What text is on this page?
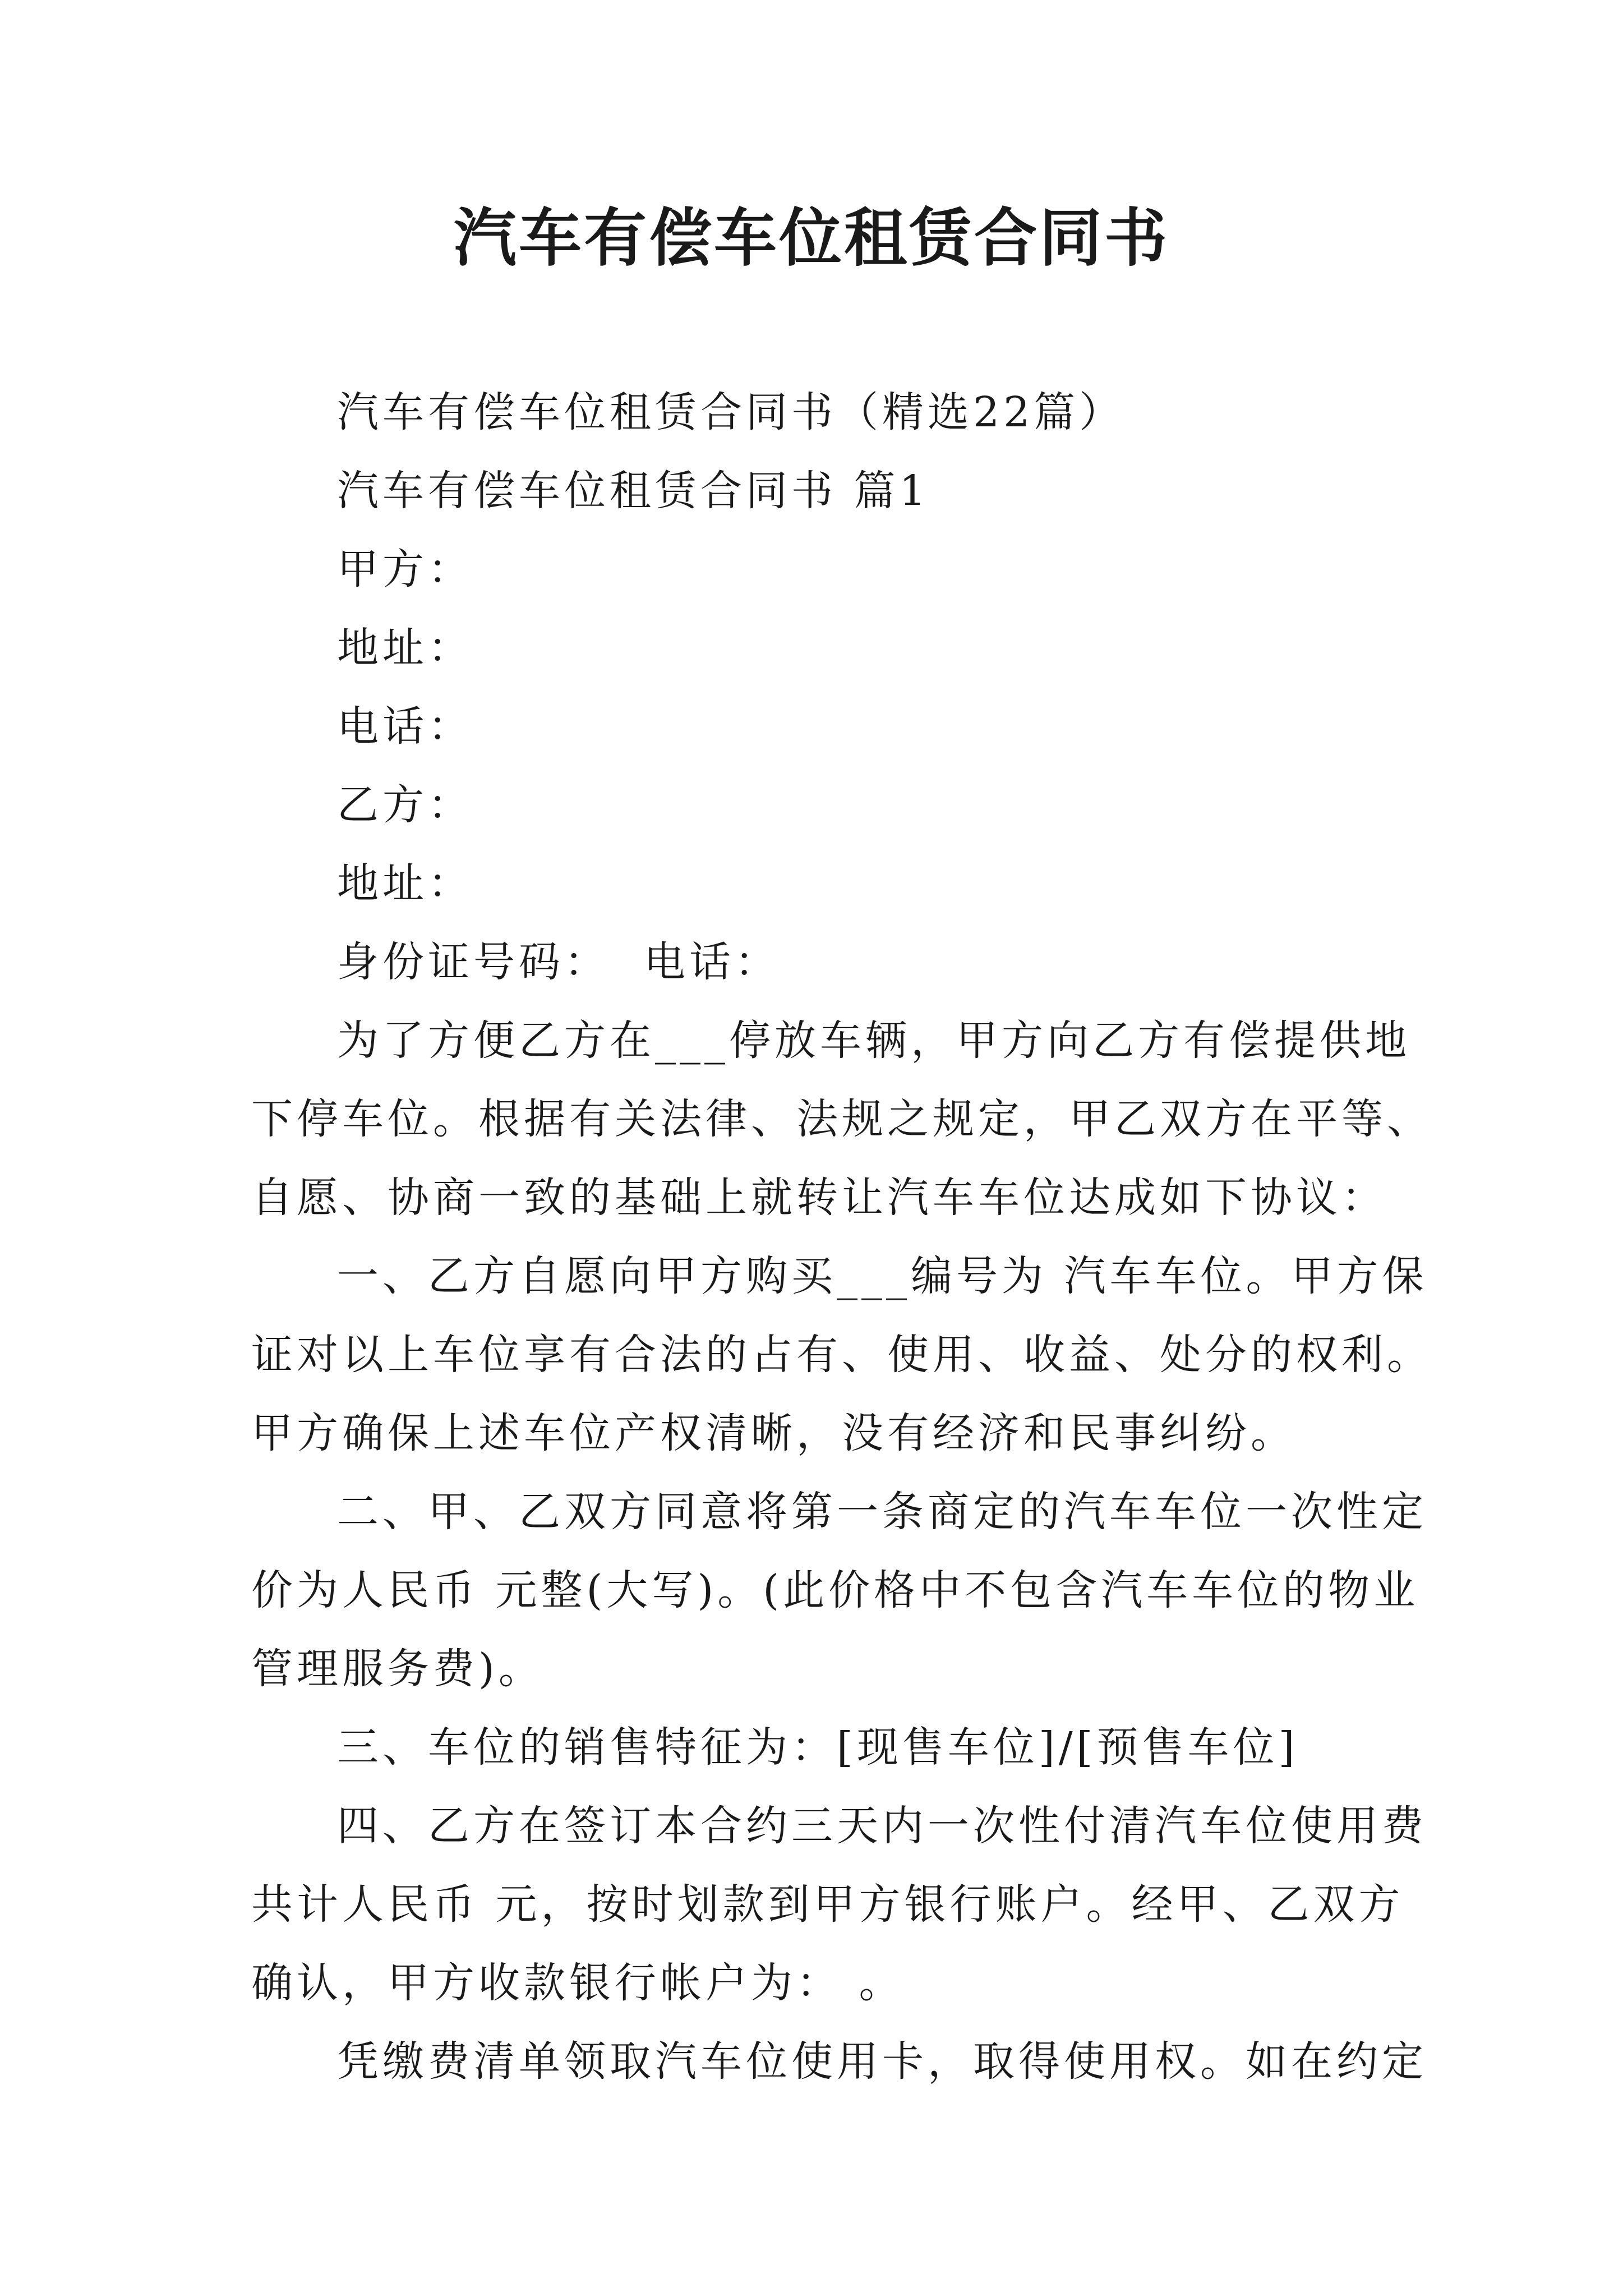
汽车有偿车位租赁合同书
汽车有偿车位租赁合同书（精选22篇）
汽车有偿车位租赁合同书 篇1
甲方：
地址：
电话：
乙方：
地址：
身份证号码：  电话：
为了方便乙方在___停放车辆，甲方向乙方有偿提供地
下停车位。根据有关法律、法规之规定，甲乙双方在平等、
自愿、协商一致的基础上就转让汽车车位达成如下协议：
一、乙方自愿向甲方购买___编号为 汽车车位。甲方保
证对以上车位享有合法的占有、使用、收益、处分的权利。
甲方确保上述车位产权清晰，没有经济和民事纠纷。
二、甲、乙双方同意将第一条商定的汽车车位一次性定
价为人民币 元整(大写)。(此价格中不包含汽车车位的物业
管理服务费)。
三、车位的销售特征为：[现售车位]/[预售车位]
四、乙方在签订本合约三天内一次性付清汽车位使用费
共计人民币 元，按时划款到甲方银行账户。经甲、乙双方
确认，甲方收款银行帐户为： 。
凭缴费清单领取汽车位使用卡，取得使用权。如在约定
